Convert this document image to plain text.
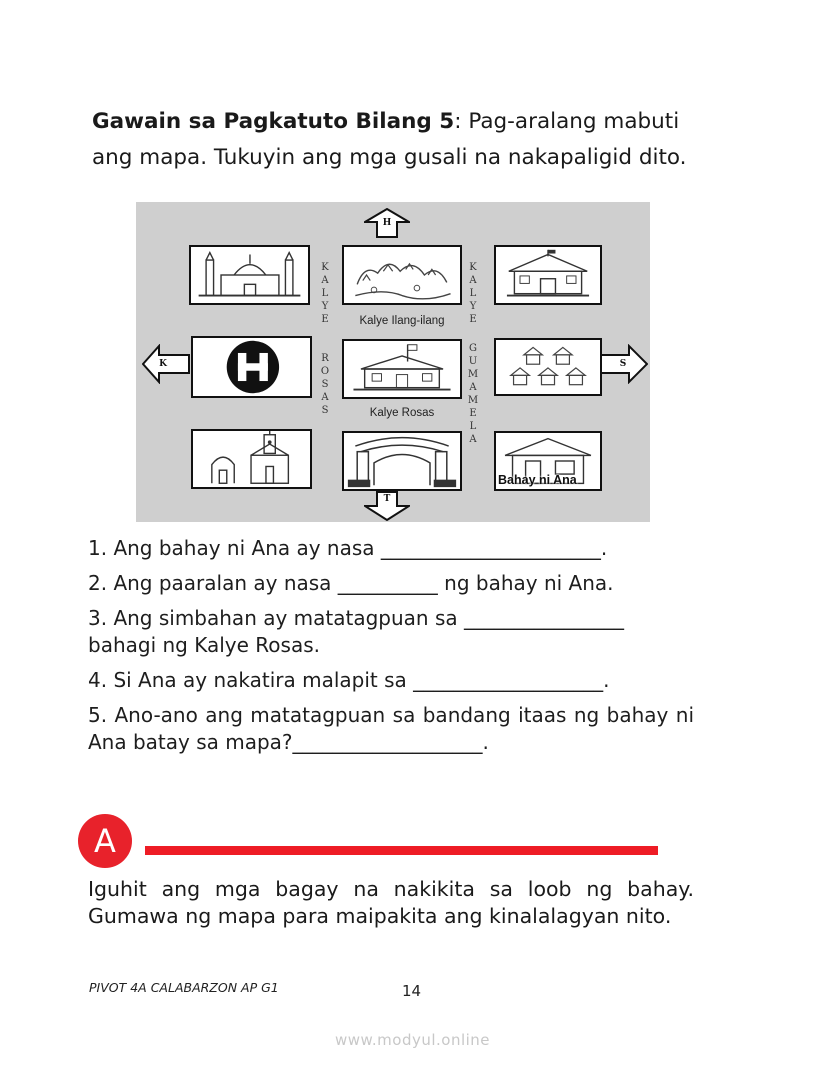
Gawain sa Pagkatuto Bilang 5: Pag-aralang mabuti ang mapa. Tukuyin ang mga gusali na nakapaligid dito.
H
T
K	S
K
A
L
Y
E
R
O
S
A
S
K
A
L
Y
E
G
U
M
A
M
E
L
A
Kalye Ilang-ilang
Kalye Rosas
Bahay ni Ana

1. Ang bahay ni Ana ay nasa ______________________.

2. Ang paaralan ay nasa __________ ng bahay ni Ana.

3. Ang simbahan ay matatagpuan sa ________________ bahagi ng Kalye Rosas.

4. Si Ana ay nakatira malapit sa ___________________.

5. Ano-ano ang matatagpuan sa bandang itaas ng bahay ni Ana batay sa mapa?___________________.

A
Iguhit ang mga bagay na nakikita sa loob ng bahay. Gumawa ng mapa para maipakita ang kinalalagyan nito.
PIVOT 4A CALABARZON AP G1	14
www.modyul.online
